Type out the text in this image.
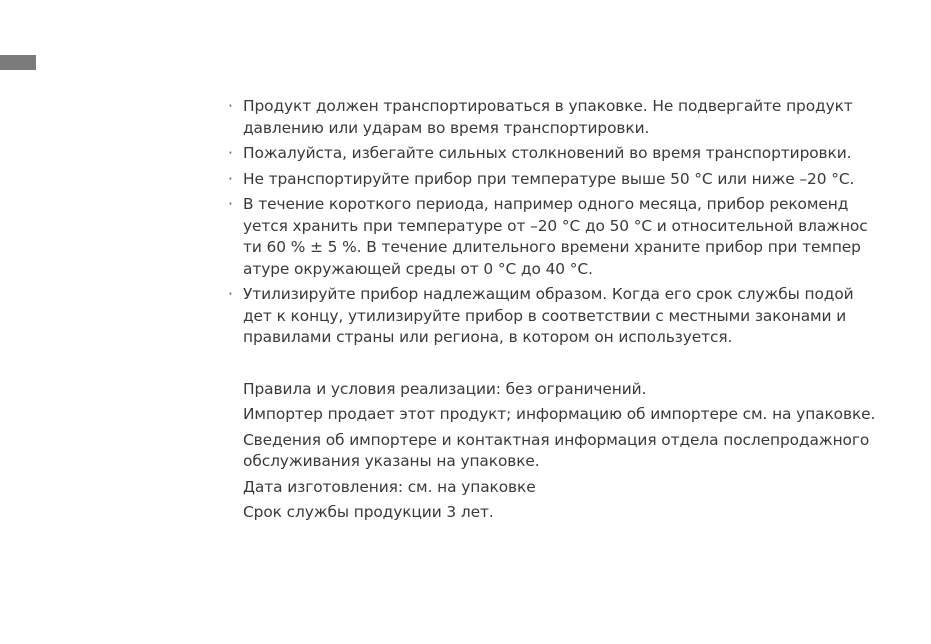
· Продукт должен транспортироваться в упаковке. Не подвергайте продукт
давлению или ударам во время транспортировки.
· Пожалуйста, избегайте сильных столкновений во время транспортировки.
· Не транспортируйте прибор при температуре выше 50 °C или ниже –20 °C.
· В течение короткого периода, например одного месяца, прибор рекоменд
уется хранить при температуре от –20 °C до 50 °C и относительной влажнос
ти 60 % ± 5 %. В течение длительного времени храните прибор при темпер
атуре окружающей среды от 0 °C до 40 °C.
· Утилизируйте прибор надлежащим образом. Когда его срок службы подой
дет к концу, утилизируйте прибор в соответствии с местными законами и
правилами страны или региона, в котором он используется.
Правила и условия реализации: без ограничений.
Импортер продает этот продукт; информацию об импортере см. на упаковке.
Сведения об импортере и контактная информация отдела послепродажного
обслуживания указаны на упаковке.
Дата изготовления: см. на упаковке
Срок службы продукции 3 лет.
